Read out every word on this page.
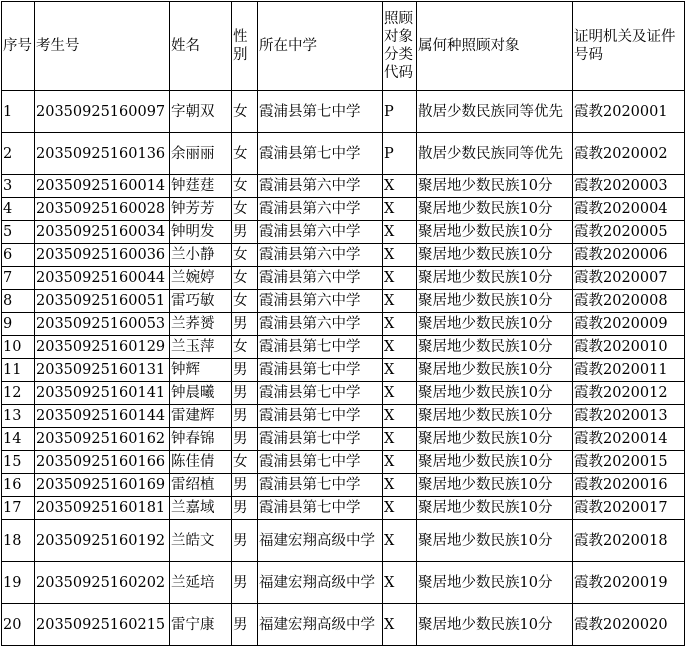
序号	考生号	姓名	性别	所在中学	照顾对象分类代码	属何种照顾对象	证明机关及证件号码
1	20350925160097	字朝双	女	霞浦县第七中学	P	散居少数民族同等优先	霞教2020001
2	20350925160136	余丽丽	女	霞浦县第七中学	P	散居少数民族同等优先	霞教2020002
3	20350925160014	钟莛莛	女	霞浦县第六中学	X	聚居地少数民族10分	霞教2020003
4	20350925160028	钟芳芳	女	霞浦县第六中学	X	聚居地少数民族10分	霞教2020004
5	20350925160034	钟明发	男	霞浦县第六中学	X	聚居地少数民族10分	霞教2020005
6	20350925160036	兰小静	女	霞浦县第六中学	X	聚居地少数民族10分	霞教2020006
7	20350925160044	兰婉婷	女	霞浦县第六中学	X	聚居地少数民族10分	霞教2020007
8	20350925160051	雷巧敏	女	霞浦县第六中学	X	聚居地少数民族10分	霞教2020008
9	20350925160053	兰荞赟	男	霞浦县第六中学	X	聚居地少数民族10分	霞教2020009
10	20350925160129	兰玉萍	女	霞浦县第七中学	X	聚居地少数民族10分	霞教2020010
11	20350925160131	钟辉	男	霞浦县第七中学	X	聚居地少数民族10分	霞教2020011
12	20350925160141	钟晨曦	男	霞浦县第七中学	X	聚居地少数民族10分	霞教2020012
13	20350925160144	雷建辉	男	霞浦县第七中学	X	聚居地少数民族10分	霞教2020013
14	20350925160162	钟春锦	男	霞浦县第七中学	X	聚居地少数民族10分	霞教2020014
15	20350925160166	陈佳倩	女	霞浦县第七中学	X	聚居地少数民族10分	霞教2020015
16	20350925160169	雷绍植	男	霞浦县第七中学	X	聚居地少数民族10分	霞教2020016
17	20350925160181	兰嘉域	男	霞浦县第七中学	X	聚居地少数民族10分	霞教2020017
18	20350925160192	兰皓文	男	福建宏翔高级中学	X	聚居地少数民族10分	霞教2020018
19	20350925160202	兰延培	男	福建宏翔高级中学	X	聚居地少数民族10分	霞教2020019
20	20350925160215	雷宁康	男	福建宏翔高级中学	X	聚居地少数民族10分	霞教2020020
